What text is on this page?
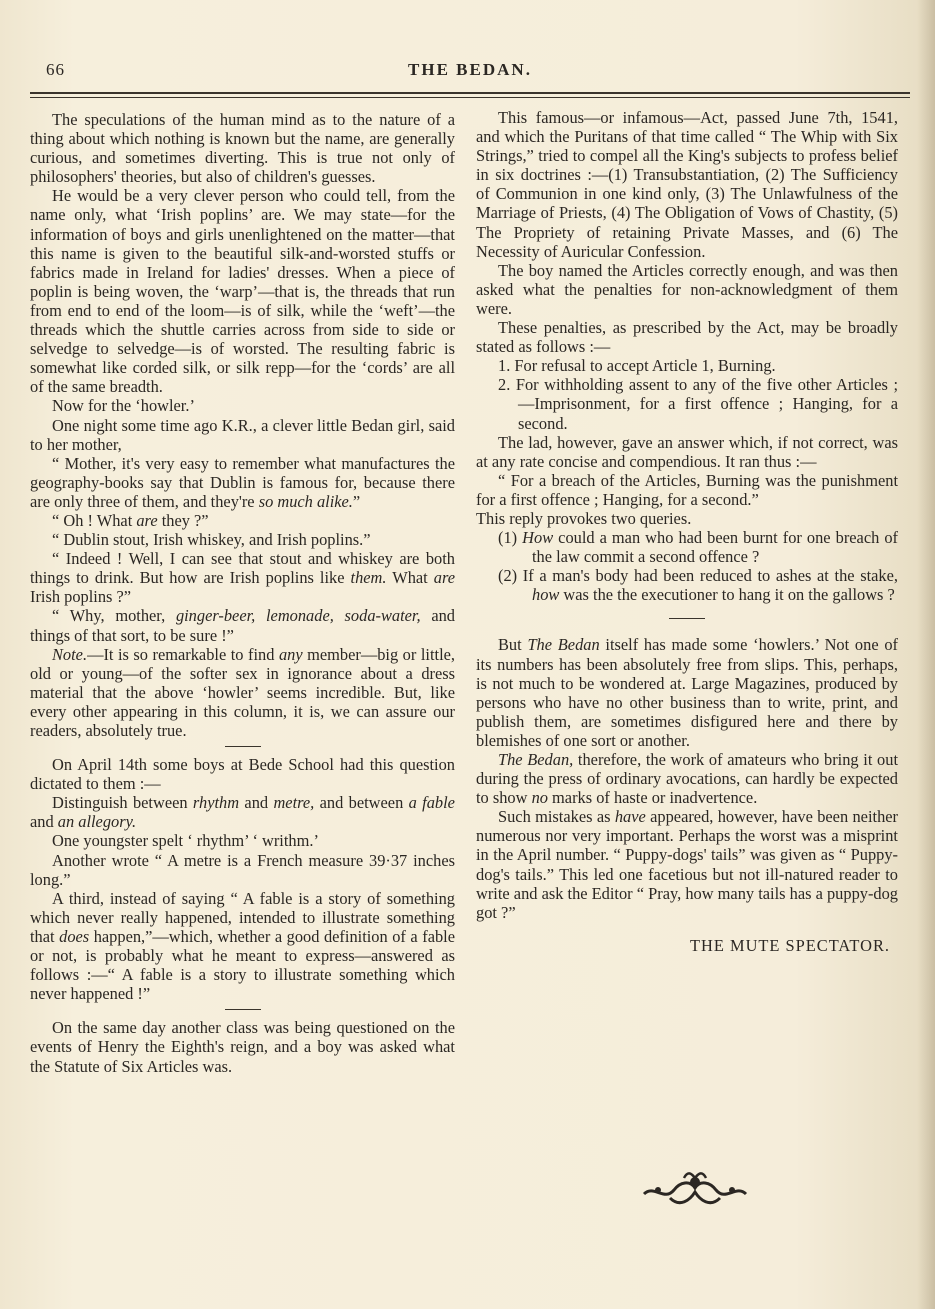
66	THE BEDAN.

The speculations of the human mind as to the nature of a thing about which nothing is known but the name, are generally curious, and sometimes diverting. This is true not only of philosophers' theories, but also of children's guesses.

He would be a very clever person who could tell, from the name only, what ‘Irish poplins’ are. We may state—for the information of boys and girls unenlightened on the matter—that this name is given to the beautiful silk-and-worsted stuffs or fabrics made in Ireland for ladies' dresses. When a piece of poplin is being woven, the ‘warp’—that is, the threads that run from end to end of the loom—is of silk, while the ‘weft’—the threads which the shuttle carries across from side to side or selvedge to selvedge—is of worsted. The resulting fabric is somewhat like corded silk, or silk repp—for the ‘cords’ are all of the same breadth.

Now for the ‘howler.’

One night some time ago K.R., a clever little Bedan girl, said to her mother,

“ Mother, it's very easy to remember what manufactures the geography-books say that Dublin is famous for, because there are only three of them, and they're so much alike.”

“ Oh ! What are they ?”

“ Dublin stout, Irish whiskey, and Irish poplins.”

“ Indeed ! Well, I can see that stout and whiskey are both things to drink. But how are Irish poplins like them. What are Irish poplins ?”

“ Why, mother, ginger-beer, lemonade, soda-water, and things of that sort, to be sure !”

Note.—It is so remarkable to find any member—big or little, old or young—of the softer sex in ignorance about a dress material that the above ‘howler’ seems incredible. But, like every other appearing in this column, it is, we can assure our readers, absolutely true.

On April 14th some boys at Bede School had this question dictated to them :—

Distinguish between rhythm and metre, and between a fable and an allegory.

One youngster spelt ‘ rhythm’ ‘ writhm.’

Another wrote “ A metre is a French measure 39·37 inches long.”

A third, instead of saying “ A fable is a story of something which never really happened, intended to illustrate something that does happen,”—which, whether a good definition of a fable or not, is probably what he meant to express—answered as follows :—“ A fable is a story to illustrate something which never happened !”

On the same day another class was being questioned on the events of Henry the Eighth's reign, and a boy was asked what the Statute of Six Articles was.

This famous—or infamous—Act, passed June 7th, 1541, and which the Puritans of that time called “ The Whip with Six Strings,” tried to compel all the King's subjects to profess belief in six doctrines :—(1) Transubstantiation, (2) The Sufficiency of Communion in one kind only, (3) The Unlawfulness of the Marriage of Priests, (4) The Obligation of Vows of Chastity, (5) The Propriety of retaining Private Masses, and (6) The Necessity of Auricular Confession.

The boy named the Articles correctly enough, and was then asked what the penalties for non-acknowledgment of them were.

These penalties, as prescribed by the Act, may be broadly stated as follows :—

1. For refusal to accept Article 1, Burning.

2. For withholding assent to any of the five other Articles ;—Imprisonment, for a first offence ; Hanging, for a second.

The lad, however, gave an answer which, if not correct, was at any rate concise and compendious. It ran thus :—

“ For a breach of the Articles, Burning was the punishment for a first offence ; Hanging, for a second.”

This reply provokes two queries.

(1) How could a man who had been burnt for one breach of the law commit a second offence ?

(2) If a man's body had been reduced to ashes at the stake, how was the the executioner to hang it on the gallows ?

But The Bedan itself has made some ‘howlers.’ Not one of its numbers has been absolutely free from slips. This, perhaps, is not much to be wondered at. Large Magazines, produced by persons who have no other business than to write, print, and publish them, are sometimes disfigured here and there by blemishes of one sort or another.

The Bedan, therefore, the work of amateurs who bring it out during the press of ordinary avocations, can hardly be expected to show no marks of haste or inadvertence.

Such mistakes as have appeared, however, have been neither numerous nor very important. Perhaps the worst was a misprint in the April number. “ Puppy-dogs' tails” was given as “ Puppy-dog's tails.” This led one facetious but not ill-natured reader to write and ask the Editor “ Pray, how many tails has a puppy-dog got ?”

THE MUTE SPECTATOR.
